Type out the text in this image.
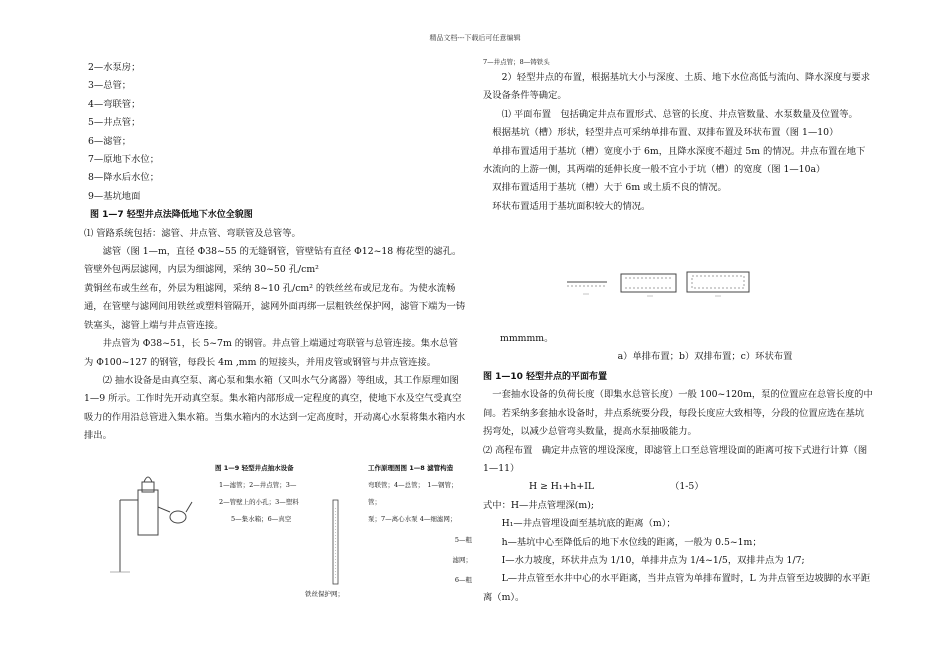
精品文档---下载后可任意编辑

2—水泵房；

3—总管；

4—弯联管；

5—井点管；

6—滤管；

7—原地下水位；

8—降水后水位；

9—基坑地面

图 1—7 轻型井点法降低地下水位全貌图

⑴ 管路系统包括：滤管、井点管、弯联管及总管等。

滤管（图 1—m，直径 Φ38~55 的无缝钢管，管壁钻有直径 Φ12~18 梅花型的滤孔。管壁外包两层滤网，内层为细滤网，采纳 30~50 孔/cm²

黄铜丝布或生丝布，外层为粗滤网，采纳 8~10 孔/cm² 的铁丝丝布或尼龙布。为使水流畅通，在管壁与滤网间用铁丝或塑料管隔开，滤网外面再绑一层粗铁丝保护网，滤管下端为一铸铁塞头，滤管上端与井点管连接。

井点管为 Φ38~51，长 5~7m 的钢管。井点管上端通过弯联管与总管连接。集水总管为 Φ100~127 的钢管，每段长 4m ,mm 的短接头，并用皮管或钢管与井点管连接。

⑵ 抽水设备是由真空泵、离心泵和集水箱（又叫水气分离器）等组成，其工作原理如图 1—9 所示。工作时先开动真空泵。集水箱内部形成一定程度的真空，使地下水及空气受真空吸力的作用沿总管进入集水箱。当集水箱内的水达到一定高度时，开动离心水泵将集水箱内水排出。

图 1—9 轻型井点抽水设备
1—滤管；2—井点管；3—
2—管壁上的小孔；3—塑料
5—集水箱；6—真空
工作原理图图 1—8 滤管构造
弯联管；4—总管；　1—钢管；
管；
泵；7—离心水泵 4—细滤网；
5—粗
滤网；
6—粗
铁丝保护网；

7—井点管；8—铸铁头

2）轻型井点的布置，根据基坑大小与深度、土质、地下水位高低与流向、降水深度与要求及设备条件等确定。

⑴ 平面布置　包括确定井点布置形式、总管的长度、井点管数量、水泵数量及位置等。

根据基坑（槽）形状，轻型井点可采纳单排布置、双排布置及环状布置（图 1—10）

单排布置适用于基坑（槽）宽度小于 6m，且降水深度不超过 5m 的情况。井点布置在地下水流向的上游一侧，其两端的延伸长度一般不宜小于坑（槽）的宽度（图 1—10a）

双排布置适用于基坑（槽）大于 6m 或土质不良的情况。

环状布置适用于基坑面积较大的情况。

mmmmm。

a）单排布置；b）双排布置；c）环状布置

图 1—10 轻型井点的平面布置

一套抽水设备的负荷长度（即集水总管长度）一般 100~120m，泵的位置应在总管长度的中间。若采纳多套抽水设备时，井点系统要分段，每段长度应大致相等，分段的位置应选在基坑拐弯处，以减少总管弯头数量，提高水泵抽吸能力。

⑵ 高程布置　确定井点管的埋设深度，即滤管上口至总管埋设面的距离可按下式进行计算（图 1—11）

H ≥ H₁+h+IL	（1-5）

式中：H—井点管埋深(m);

H₁—井点管埋设面至基坑底的距离（m）；

h—基坑中心至降低后的地下水位线的距离，一般为 0.5~1m；

I—水力坡度，环状井点为 1/10，单排井点为 1/4~1/5，双排井点为 1/7;

L—井点管至水井中心的水平距离，当井点管为单排布置时，L 为井点管至边坡脚的水平距离（m）。
